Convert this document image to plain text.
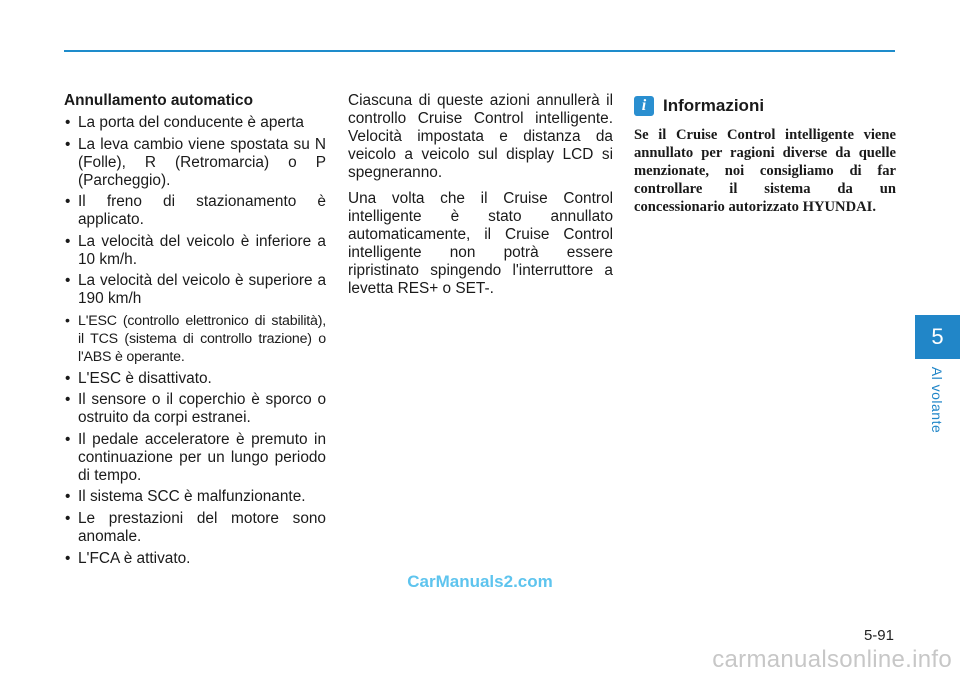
Annullamento automatico
• La porta del conducente è aperta
• La leva cambio viene spostata su N (Folle), R (Retromarcia) o P (Parcheggio).
• Il freno di stazionamento è applicato.
• La velocità del veicolo è inferiore a 10 km/h.
• La velocità del veicolo è superiore a 190 km/h
• L'ESC (controllo elettronico di stabilità), il TCS (sistema di controllo trazione) o l'ABS è operante.
• L'ESC è disattivato.
• Il sensore o il coperchio è sporco o ostruito da corpi estranei.
• Il pedale acceleratore è premuto in continuazione per un lungo periodo di tempo.
• Il sistema SCC è malfunzionante.
• Le prestazioni del motore sono anomale.
• L'FCA è attivato.

Ciascuna di queste azioni annullerà il controllo Cruise Control intelligente. Velocità impostata e distanza da veicolo a veicolo sul display LCD si spegneranno.

Una volta che il Cruise Control intelligente è stato annullato automaticamente, il Cruise Control intelligente non potrà essere ripristinato spingendo l'interruttore a levetta RES+ o SET-.

i Informazioni
Se il Cruise Control intelligente viene annullato per ragioni diverse da quelle menzionate, noi consigliamo di far controllare il sistema da un concessionario autorizzato HYUNDAI.
5
Al volante
CarManuals2.com
5-91
carmanualsonline.info
